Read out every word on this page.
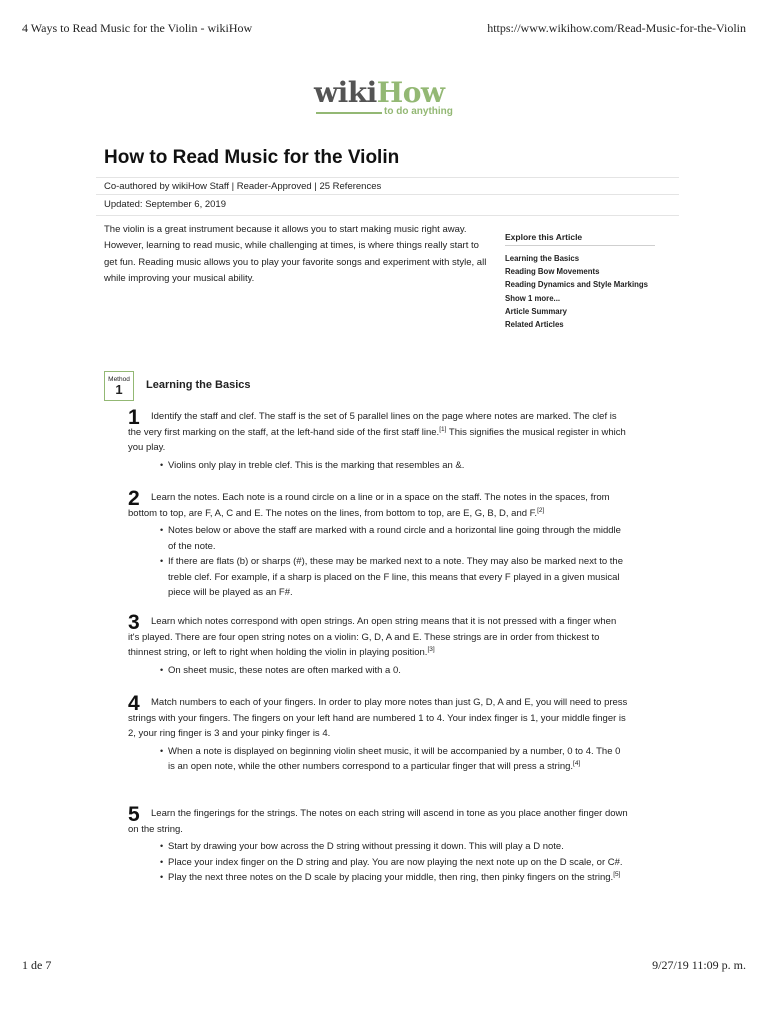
4 Ways to Read Music for the Violin - wikiHow	https://www.wikihow.com/Read-Music-for-the-Violin
wikiHow
to do anything
How to Read Music for the Violin
Co-authored by wikiHow Staff | Reader-Approved | 25 References
Updated: September 6, 2019

The violin is a great instrument because it allows you to start making music right away. However, learning to read music, while challenging at times, is where things really start to get fun. Reading music allows you to play your favorite songs and experiment with style, all while improving your musical ability.

Explore this Article
Learning the Basics
Reading Bow Movements
Reading Dynamics and Style Markings
Show 1 more...
Article Summary
Related Articles
Method
1	Learning the Basics
1	Identify the staff and clef. The staff is the set of 5 parallel lines on the page where notes are marked. The clef is the very first marking on the staff, at the left-hand side of the first staff line.[1] This signifies the musical register in which you play.

• Violins only play in treble clef. This is the marking that resembles an &.
2	Learn the notes. Each note is a round circle on a line or in a space on the staff. The notes in the spaces, from bottom to top, are F, A, C and E. The notes on the lines, from bottom to top, are E, G, B, D, and F.[2]

• Notes below or above the staff are marked with a round circle and a horizontal line going through the middle of the note.
• If there are flats (b) or sharps (#), these may be marked next to a note. They may also be marked next to the treble clef. For example, if a sharp is placed on the F line, this means that every F played in a given musical piece will be played as an F#.
3	Learn which notes correspond with open strings. An open string means that it is not pressed with a finger when it's played. There are four open string notes on a violin: G, D, A and E. These strings are in order from thickest to thinnest string, or left to right when holding the violin in playing position.[3]

• On sheet music, these notes are often marked with a 0.
4	Match numbers to each of your fingers. In order to play more notes than just G, D, A and E, you will need to press strings with your fingers. The fingers on your left hand are numbered 1 to 4. Your index finger is 1, your middle finger is 2, your ring finger is 3 and your pinky finger is 4.

• When a note is displayed on beginning violin sheet music, it will be accompanied by a number, 0 to 4. The 0 is an open note, while the other numbers correspond to a particular finger that will press a string.[4]
5	Learn the fingerings for the strings. The notes on each string will ascend in tone as you place another finger down on the string.

• Start by drawing your bow across the D string without pressing it down. This will play a D note.
• Place your index finger on the D string and play. You are now playing the next note up on the D scale, or C#.
• Play the next three notes on the D scale by placing your middle, then ring, then pinky fingers on the string.[5]
1 de 7	9/27/19 11:09 p. m.
